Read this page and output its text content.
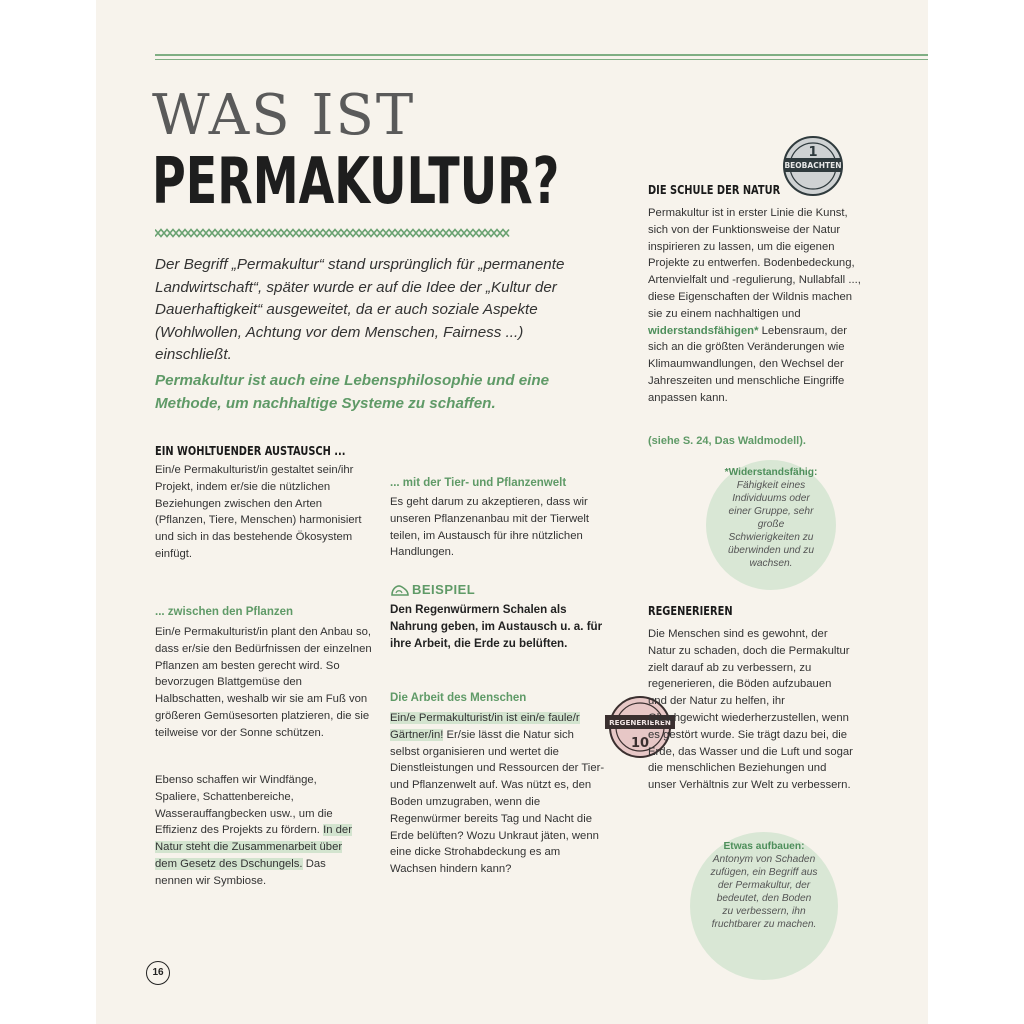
WAS IST
PERMAKULTUR?

Der Begriff „Permakultur“ stand ursprünglich für „permanente Landwirtschaft“, später wurde er auf die Idee der „Kultur der Dauerhaftigkeit“ ausgeweitet, da er auch soziale Aspekte (Wohlwollen, Achtung vor dem Menschen, Fairness ...) einschließt.

Permakultur ist auch eine Lebensphilosophie und eine Methode, um nachhaltige Systeme zu schaffen.

EIN WOHLTUENDER AUSTAUSCH ...

Ein/e Permakulturist/in gestaltet sein/ihr Projekt, indem er/sie die nützlichen Beziehungen zwischen den Arten (Pflanzen, Tiere, Menschen) harmonisiert und sich in das bestehende Ökosystem einfügt.

... zwischen den Pflanzen

Ein/e Permakulturist/in plant den Anbau so, dass er/sie den Bedürfnissen der einzelnen Pflanzen am besten gerecht wird. So bevorzugen Blattgemüse den Halbschatten, weshalb wir sie am Fuß von größeren Gemüsesorten platzieren, die sie teilweise vor der Sonne schützen.

Ebenso schaffen wir Windfänge, Spaliere, Schattenbereiche, Wasserauffangbecken usw., um die Effizienz des Projekts zu fördern. In der Natur steht die Zusammenarbeit über dem Gesetz des Dschungels. Das nennen wir Symbiose.

... mit der Tier- und Pflanzenwelt

Es geht darum zu akzeptieren, dass wir unseren Pflanzenanbau mit der Tierwelt teilen, im Austausch für ihre nützlichen Handlungen.

BEISPIEL

Den Regenwürmern Schalen als Nahrung geben, im Austausch u. a. für ihre Arbeit, die Erde zu belüften.

Die Arbeit des Menschen

Ein/e Permakulturist/in ist ein/e faule/r Gärtner/in! Er/sie lässt die Natur sich selbst organisieren und wertet die Dienstleistungen und Ressourcen der Tier- und Pflanzenwelt auf. Was nützt es, den Boden umzugraben, wenn die Regenwürmer bereits Tag und Nacht die Erde belüften? Wozu Unkraut jäten, wenn eine dicke Strohabdeckung es am Wachsen hindern kann?

BEOBACHTEN
1
DIE SCHULE DER NATUR

Permakultur ist in erster Linie die Kunst, sich von der Funktionsweise der Natur inspirieren zu lassen, um die eigenen Projekte zu entwerfen. Bodenbedeckung, Artenvielfalt und -regulierung, Nullabfall ..., diese Eigenschaften der Wildnis machen sie zu einem nachhaltigen und widerstandsfähigen* Lebensraum, der sich an die größten Veränderungen wie Klimaumwandlungen, den Wechsel der Jahreszeiten und menschliche Eingriffe anpassen kann.

(siehe S. 24, Das Waldmodell).
*Widerstandsfähig:
Fähigkeit eines Individuums oder einer Gruppe, sehr große Schwierigkeiten zu überwinden und zu wachsen.
REGENERIEREN
REGENERIEREN
10

Die Menschen sind es gewohnt, der Natur zu schaden, doch die Permakultur zielt darauf ab zu verbessern, zu regenerieren, die Böden aufzubauen und der Natur zu helfen, ihr Gleichgewicht wiederherzustellen, wenn es gestört wurde. Sie trägt dazu bei, die Erde, das Wasser und die Luft und sogar die menschlichen Beziehungen und unser Verhältnis zur Welt zu verbessern.

Etwas aufbauen:
Antonym von Schaden zufügen, ein Begriff aus der Permakultur, der bedeutet, den Boden zu verbessern, ihn fruchtbarer zu machen.
16
